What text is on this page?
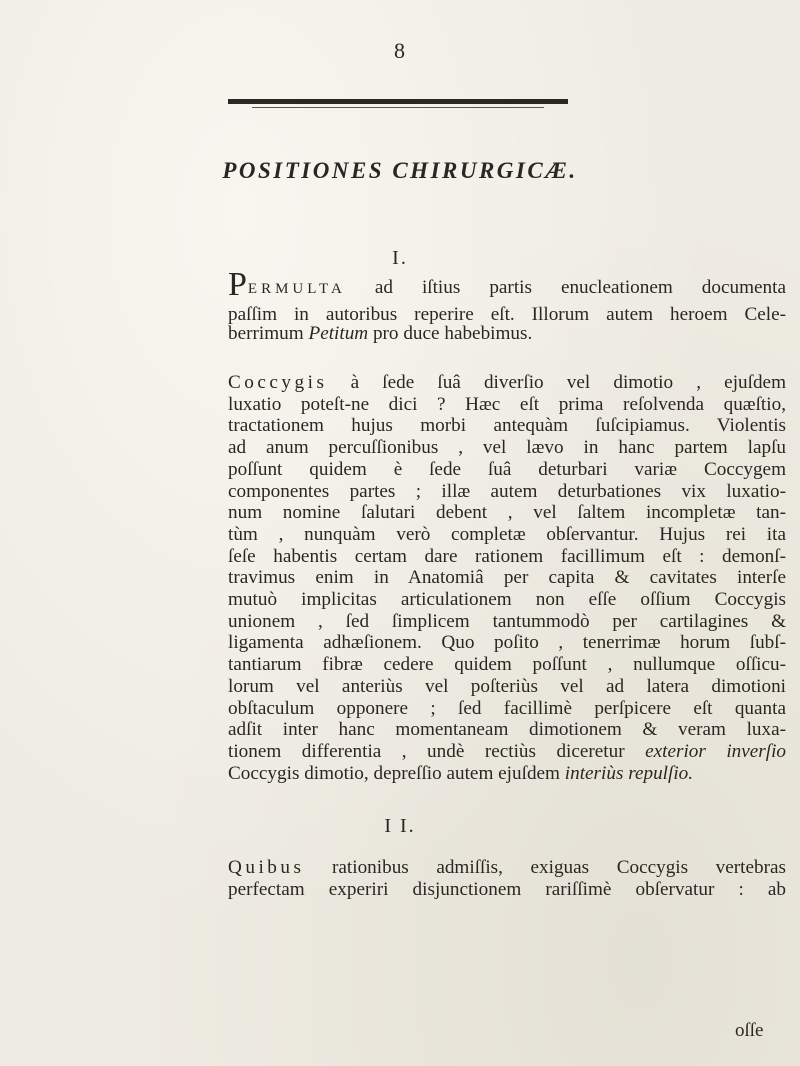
8
POSITIONES CHIRURGICÆ.
I.

PERMULTA ad iſtius partis enucleationem documenta

paſſim in autoribus reperire eſt. Illorum autem heroem Cele-

berrimum Petitum pro duce habebimus.

Coccygis à ſede ſuâ diverſio vel dimotio , ejuſdem

luxatio poteſt-ne dici ? Hæc eſt prima reſolvenda quæſtio,

tractationem hujus morbi antequàm ſuſcipiamus. Violentis

ad anum percuſſionibus , vel lævo in hanc partem lapſu

poſſunt quidem è ſede ſuâ deturbari variæ Coccygem

componentes partes ; illæ autem deturbationes vix luxatio-

num nomine ſalutari debent , vel ſaltem incompletæ tan-

tùm , nunquàm verò completæ obſervantur. Hujus rei ita

ſeſe habentis certam dare rationem facillimum eſt : demonſ-

travimus enim in Anatomiâ per capita & cavitates interſe

mutuò implicitas articulationem non eſſe oſſium Coccygis

unionem , ſed ſimplicem tantummodò per cartilagines &

ligamenta adhæſionem. Quo poſito , tenerrimæ horum ſubſ-

tantiarum fibræ cedere quidem poſſunt , nullumque oſſicu-

lorum vel anteriùs vel poſteriùs vel ad latera dimotioni

obſtaculum opponere ; ſed facillimè perſpicere eſt quanta

adſit inter hanc momentaneam dimotionem & veram luxa-

tionem differentia , undè rectiùs diceretur exterior inverſio

Coccygis dimotio, depreſſio autem ejuſdem interiùs repulſio.

I I.

Quibus rationibus admiſſis, exiguas Coccygis vertebras

perfectam experiri disjunctionem rariſſimè obſervatur : ab

oſſe
